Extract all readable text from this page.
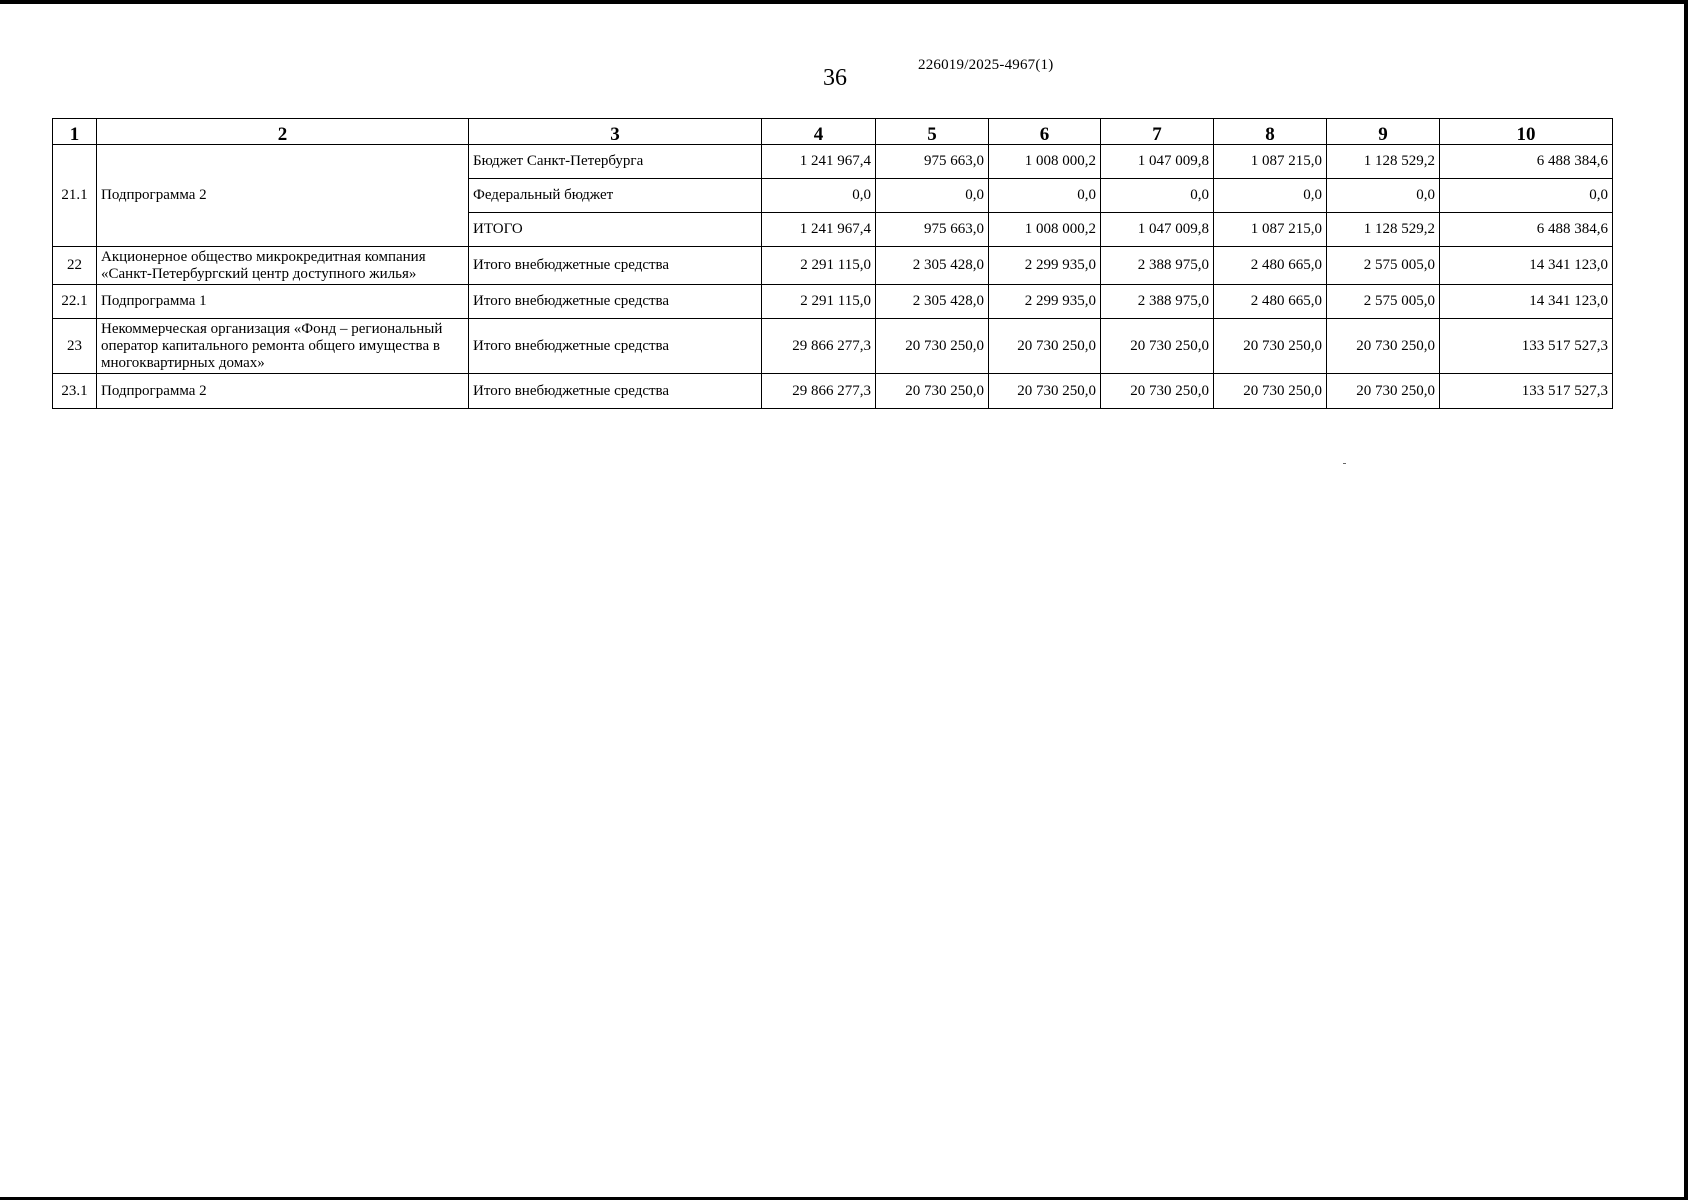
36	226019/2025-4967(1)
1	2	3	4	5	6	7	8	9	10
21.1	Подпрограмма 2	Бюджет Санкт-Петербурга	1 241 967,4	975 663,0	1 008 000,2	1 047 009,8	1 087 215,0	1 128 529,2	6 488 384,6
		Федеральный бюджет	0,0	0,0	0,0	0,0	0,0	0,0	0,0
		ИТОГО	1 241 967,4	975 663,0	1 008 000,2	1 047 009,8	1 087 215,0	1 128 529,2	6 488 384,6
22	Акционерное общество микрокредитная компания «Санкт-Петербургский центр доступного жилья»	Итого внебюджетные средства	2 291 115,0	2 305 428,0	2 299 935,0	2 388 975,0	2 480 665,0	2 575 005,0	14 341 123,0
22.1	Подпрограмма 1	Итого внебюджетные средства	2 291 115,0	2 305 428,0	2 299 935,0	2 388 975,0	2 480 665,0	2 575 005,0	14 341 123,0
23	Некоммерческая организация «Фонд – региональный оператор капитального ремонта общего имущества в многоквартирных домах»	Итого внебюджетные средства	29 866 277,3	20 730 250,0	20 730 250,0	20 730 250,0	20 730 250,0	20 730 250,0	133 517 527,3
23.1	Подпрограмма 2	Итого внебюджетные средства	29 866 277,3	20 730 250,0	20 730 250,0	20 730 250,0	20 730 250,0	20 730 250,0	133 517 527,3
